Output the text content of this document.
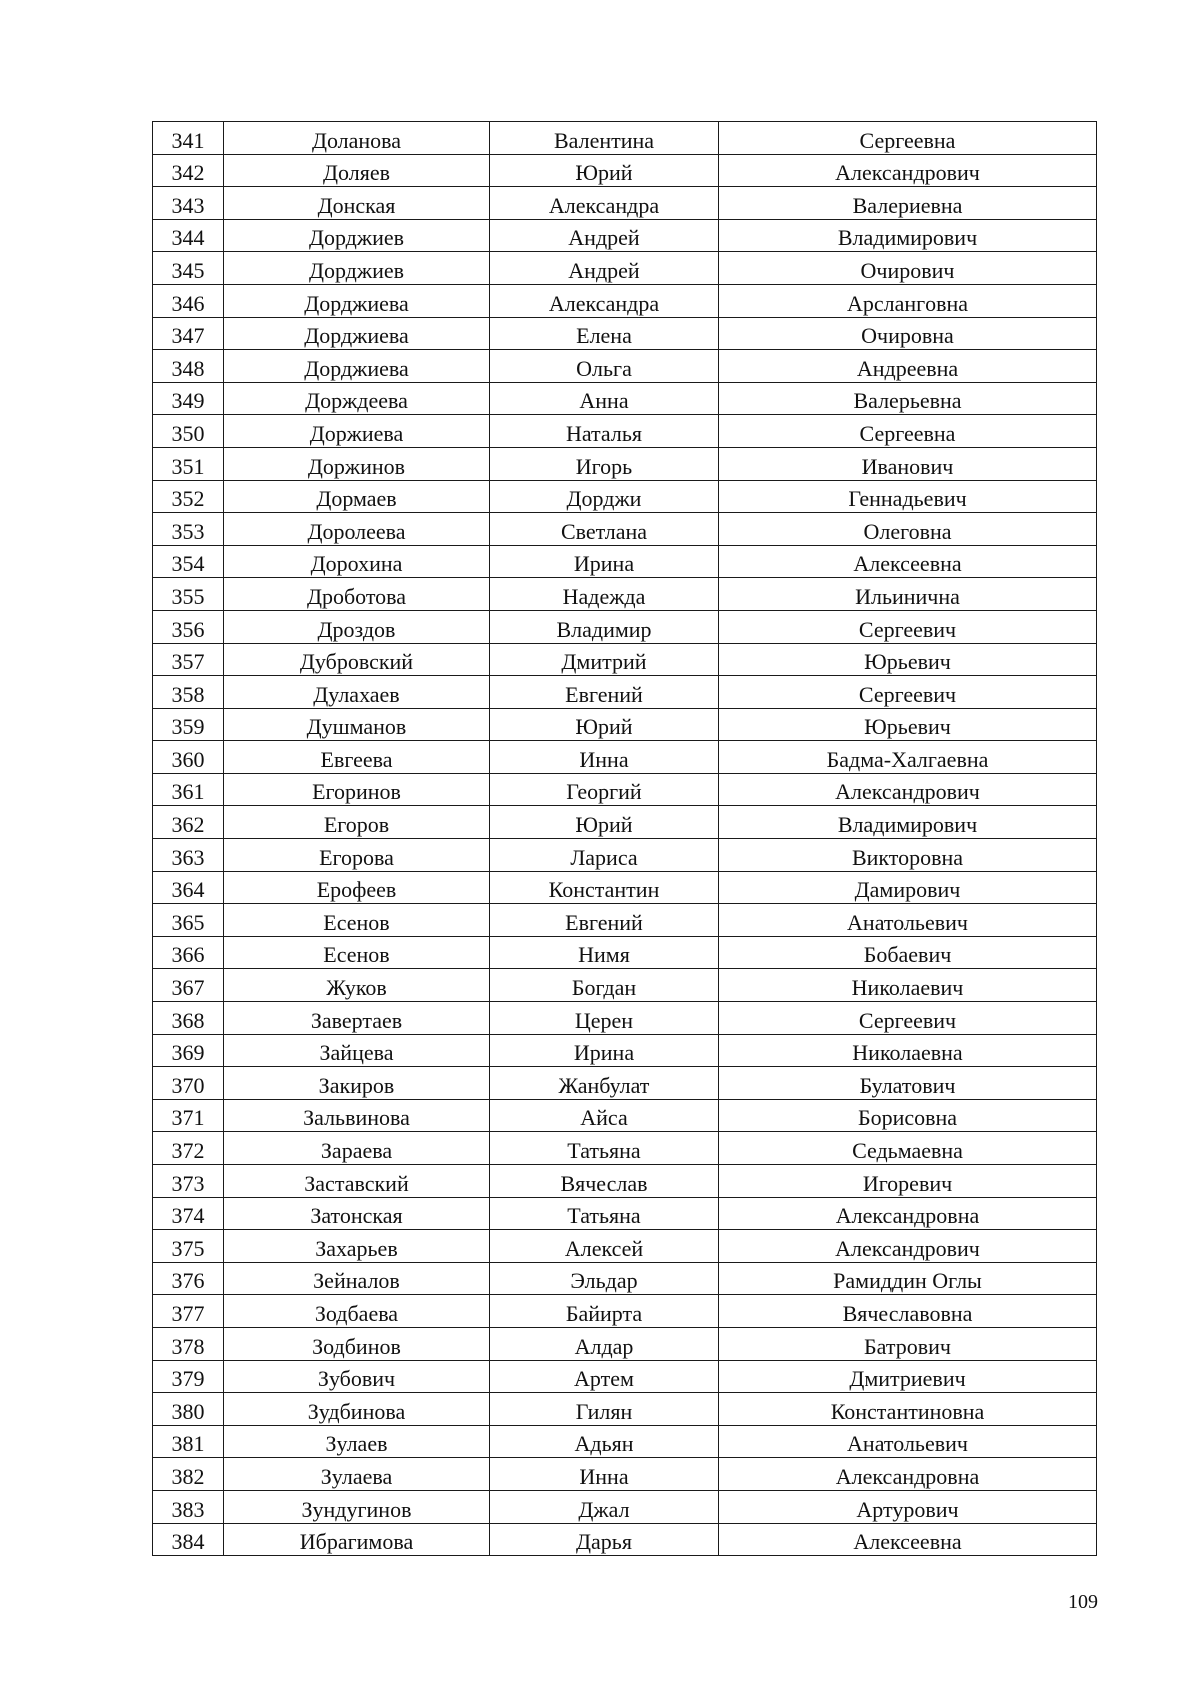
341	Доланова	Валентина	Сергеевна
342	Доляев	Юрий	Александрович
343	Донская	Александра	Валериевна
344	Дорджиев	Андрей	Владимирович
345	Дорджиев	Андрей	Очирович
346	Дорджиева	Александра	Арслангoвна
347	Дорджиева	Елена	Очировна
348	Дорджиева	Ольга	Андреевна
349	Дорждеева	Анна	Валерьевна
350	Доржиева	Наталья	Сергеевна
351	Доржинов	Игорь	Иванович
352	Дормаев	Дорджи	Геннадьевич
353	Доролеева	Светлана	Олеговна
354	Дорохина	Ирина	Алексеевна
355	Дроботова	Надежда	Ильинична
356	Дроздов	Владимир	Сергеевич
357	Дубровский	Дмитрий	Юрьевич
358	Дулахаев	Евгений	Сергеевич
359	Душманов	Юрий	Юрьевич
360	Евгеева	Инна	Бадма-Халгаевна
361	Егоринов	Георгий	Александрович
362	Егоров	Юрий	Владимирович
363	Егорова	Лариса	Викторовна
364	Ерофеев	Константин	Дамирович
365	Есенов	Евгений	Анатольевич
366	Есенов	Нимя	Бобаевич
367	Жуков	Богдан	Николаевич
368	Завертаев	Церен	Сергеевич
369	Зайцева	Ирина	Николаевна
370	Закиров	Жанбулат	Булатович
371	Зальвинова	Айса	Борисовна
372	Зараева	Татьяна	Седьмаевна
373	Заставский	Вячеслав	Игоревич
374	Затонская	Татьяна	Александровна
375	Захарьев	Алексей	Александрович
376	Зейналов	Эльдар	Рамиддин Оглы
377	Зодбаева	Байирта	Вячеславовна
378	Зодбинов	Алдар	Батрович
379	Зубович	Артем	Дмитриевич
380	Зудбинова	Гилян	Константиновна
381	Зулаев	Адьян	Анатольевич
382	Зулаева	Инна	Александровна
383	Зундугинов	Джал	Артурович
384	Ибрагимова	Дарья	Алексеевна
109
